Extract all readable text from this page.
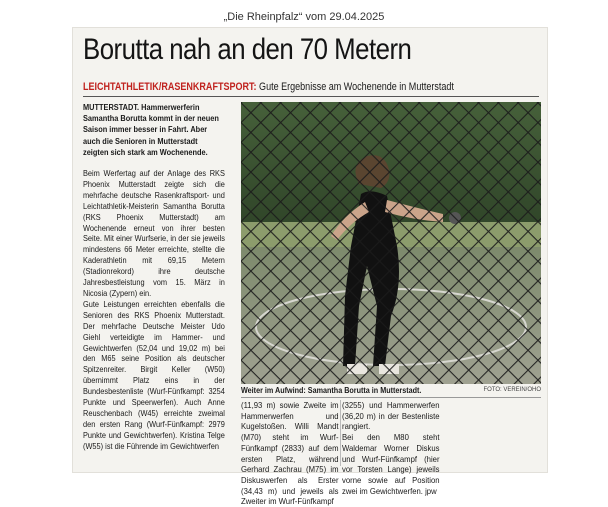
„Die Rheinpfalz“ vom 29.04.2025
Borutta nah an den 70 Metern
LEICHTATHLETIK/RASENKRAFTSPORT: Gute Ergebnisse am Wochenende in Mutterstadt
MUTTERSTADT. Hammerwerferin Samantha Borutta kommt in der neuen Saison immer besser in Fahrt. Aber auch die Senioren in Mutterstadt zeigten sich stark am Wochenende.

Beim Werfertag auf der Anlage des RKS Phoenix Mutterstadt zeigte sich die mehrfache deutsche Rasenkraftsport- und Leichtathletik-Meisterin Samantha Borutta (RKS Phoenix Mutterstadt) am Wochenende erneut von ihrer besten Seite. Mit einer Wurfserie, in der sie jeweils mindestens 66 Meter erreichte, stellte die Kaderathletin mit 69,15 Metern (Stadionrekord) ihre deutsche Jahresbestleistung vom 15. März in Nicosia (Zypern) ein.

Gute Leistungen erreichten ebenfalls die Senioren des RKS Phoenix Mutterstadt. Der mehrfache Deutsche Meister Udo Giehl verteidigte im Hammer- und Gewichtwerfen (52,04 und 19,02 m) bei den M65 seine Position als deutscher Spitzenreiter. Birgit Keller (W50) übernimmt Platz eins in der Bundesbestenliste (Wurf-Fünfkampf: 3254 Punkte und Speerwerfen). Auch Anne Reuschenbach (W45) erreichte zweimal den ersten Rang (Wurf-Fünfkampf: 2979 Punkte und Gewichtwerfen). Kristina Telge (W55) ist die Führende im Gewichtwerfen

Weiter im Aufwind: Samantha Borutta in Mutterstadt.	FOTO: VEREIN/OHO

(11,93 m) sowie Zweite im Hammerwerfen und Kugelstoßen. Willi Mandt (M70) steht im Wurf-Fünfkampf (2833) auf dem ersten Platz, während Gerhard Zachrau (M75) im Diskuswerfen als Erster (34,43 m) und jeweils als Zweiter im Wurf-Fünfkampf

(3255) und Hammerwerfen (36,20 m) in der Bestenliste rangiert.

Bei den M80 steht Waldemar Worner Diskus und Wurf-Fünfkampf (hier vor Torsten Lange) jeweils vorne sowie auf Position zwei im Gewichtwerfen. jpw
